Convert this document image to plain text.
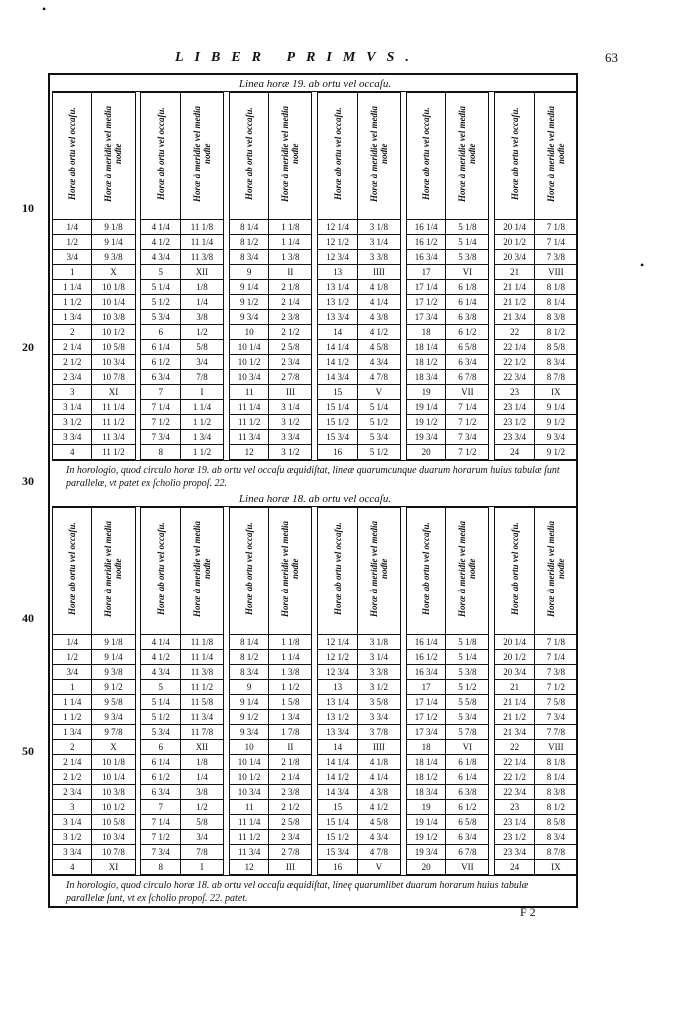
LIBER PRIMVS.	63
•
•
10
20
30
40
50
Linea horæ 19. ab ortu vel occaſu.
Horæ ab ortu vel occaſu.	Horæ à meridie vel media noɗte		Horæ ab ortu vel occaſu.	Horæ à meridie vel media noɗte		Horæ ab ortu vel occaſu.	Horæ à meridie vel media noɗte		Horæ ab ortu vel occaſu.	Horæ à meridie vel media noɗte		Horæ ab ortu vel occaſu.	Horæ à meridie vel media noɗte		Horæ ab ortu vel occaſu.	Horæ à meridie vel media noɗte
1/4	9 1/8		4 1/4	11 1/8		8 1/4	1 1/8		12 1/4	3 1/8		16 1/4	5 1/8		20 1/4	7 1/8
1/2	9 1/4		4 1/2	11 1/4		8 1/2	1 1/4		12 1/2	3 1/4		16 1/2	5 1/4		20 1/2	7 1/4
3/4	9 3/8		4 3/4	11 3/8		8 3/4	1 3/8		12 3/4	3 3/8		16 3/4	5 3/8		20 3/4	7 3/8
1	X		5	XII		9	II		13	IIII		17	VI		21	VIII
1 1/4	10 1/8		5 1/4	1/8		9 1/4	2 1/8		13 1/4	4 1/8		17 1/4	6 1/8		21 1/4	8 1/8
1 1/2	10 1/4		5 1/2	1/4		9 1/2	2 1/4		13 1/2	4 1/4		17 1/2	6 1/4		21 1/2	8 1/4
1 3/4	10 3/8		5 3/4	3/8		9 3/4	2 3/8		13 3/4	4 3/8		17 3/4	6 3/8		21 3/4	8 3/8
2	10 1/2		6	1/2		10	2 1/2		14	4 1/2		18	6 1/2		22	8 1/2
2 1/4	10 5/8		6 1/4	5/8		10 1/4	2 5/8		14 1/4	4 5/8		18 1/4	6 5/8		22 1/4	8 5/8
2 1/2	10 3/4		6 1/2	3/4		10 1/2	2 3/4		14 1/2	4 3/4		18 1/2	6 3/4		22 1/2	8 3/4
2 3/4	10 7/8		6 3/4	7/8		10 3/4	2 7/8		14 3/4	4 7/8		18 3/4	6 7/8		22 3/4	8 7/8
3	XI		7	I		11	III		15	V		19	VII		23	IX
3 1/4	11 1/4		7 1/4	1 1/4		11 1/4	3 1/4		15 1/4	5 1/4		19 1/4	7 1/4		23 1/4	9 1/4
3 1/2	11 1/2		7 1/2	1 1/2		11 1/2	3 1/2		15 1/2	5 1/2		19 1/2	7 1/2		23 1/2	9 1/2
3 3/4	11 3/4		7 3/4	1 3/4		11 3/4	3 3/4		15 3/4	5 3/4		19 3/4	7 3/4		23 3/4	9 3/4
4	11 1/2		8	1 1/2		12	3 1/2		16	5 1/2		20	7 1/2		24	9 1/2
In horologio, quod circulo horæ 19. ab ortu vel occaſu æquidiſtat, lineæ quarumcunque duarum horarum huius tabulæ ſunt parallelæ, vt patet ex ſcholio propoſ. 22.
Linea horæ 18. ab ortu vel occaſu.
Horæ ab ortu vel occaſu.	Horæ à meridie vel media noɗte		Horæ ab ortu vel occaſu.	Horæ à meridie vel media noɗte		Horæ ab ortu vel occaſu.	Horæ à meridie vel media noɗte		Horæ ab ortu vel occaſu.	Horæ à meridie vel media noɗte		Horæ ab ortu vel occaſu.	Horæ à meridie vel media noɗte		Horæ ab ortu vel occaſu.	Horæ à meridie vel media noɗte
1/4	9 1/8		4 1/4	11 1/8		8 1/4	1 1/8		12 1/4	3 1/8		16 1/4	5 1/8		20 1/4	7 1/8
1/2	9 1/4		4 1/2	11 1/4		8 1/2	1 1/4		12 1/2	3 1/4		16 1/2	5 1/4		20 1/2	7 1/4
3/4	9 3/8		4 3/4	11 3/8		8 3/4	1 3/8		12 3/4	3 3/8		16 3/4	5 3/8		20 3/4	7 3/8
1	9 1/2		5	11 1/2		9	1 1/2		13	3 1/2		17	5 1/2		21	7 1/2
1 1/4	9 5/8		5 1/4	11 5/8		9 1/4	1 5/8		13 1/4	3 5/8		17 1/4	5 5/8		21 1/4	7 5/8
1 1/2	9 3/4		5 1/2	11 3/4		9 1/2	1 3/4		13 1/2	3 3/4		17 1/2	5 3/4		21 1/2	7 3/4
1 3/4	9 7/8		5 3/4	11 7/8		9 3/4	1 7/8		13 3/4	3 7/8		17 3/4	5 7/8		21 3/4	7 7/8
2	X		6	XII		10	II		14	IIII		18	VI		22	VIII
2 1/4	10 1/8		6 1/4	1/8		10 1/4	2 1/8		14 1/4	4 1/8		18 1/4	6 1/8		22 1/4	8 1/8
2 1/2	10 1/4		6 1/2	1/4		10 1/2	2 1/4		14 1/2	4 1/4		18 1/2	6 1/4		22 1/2	8 1/4
2 3/4	10 3/8		6 3/4	3/8		10 3/4	2 3/8		14 3/4	4 3/8		18 3/4	6 3/8		22 3/4	8 3/8
3	10 1/2		7	1/2		11	2 1/2		15	4 1/2		19	6 1/2		23	8 1/2
3 1/4	10 5/8		7 1/4	5/8		11 1/4	2 5/8		15 1/4	4 5/8		19 1/4	6 5/8		23 1/4	8 5/8
3 1/2	10 3/4		7 1/2	3/4		11 1/2	2 3/4		15 1/2	4 3/4		19 1/2	6 3/4		23 1/2	8 3/4
3 3/4	10 7/8		7 3/4	7/8		11 3/4	2 7/8		15 3/4	4 7/8		19 3/4	6 7/8		23 3/4	8 7/8
4	XI		8	I		12	III		16	V		20	VII		24	IX
In horologio, quod circulo horæ 18. ab ortu vel occaſu æquidiſtat, lineę quarumlibet duarum horarum huius tabulæ parallelæ ſunt, vt ex ſcholio propoſ. 22. patet.
F 2
